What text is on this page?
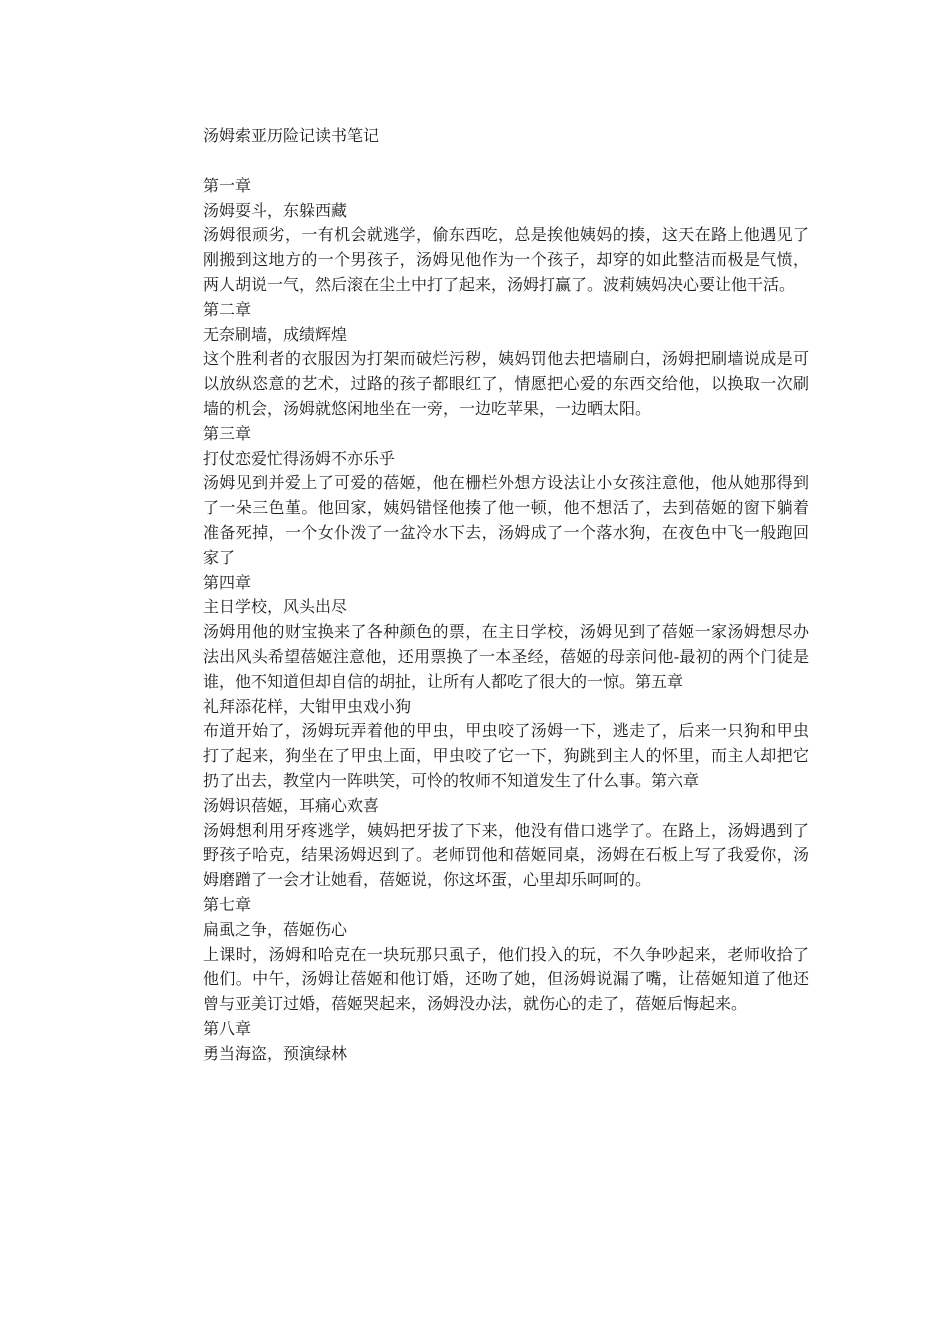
汤姆索亚历险记读书笔记

第一章

汤姆耍斗，东躲西藏

汤姆很顽劣，一有机会就逃学，偷东西吃，总是挨他姨妈的揍，这天在路上他遇见了刚搬到这地方的一个男孩子，汤姆见他作为一个孩子，却穿的如此整洁而极是气愤，两人胡说一气，然后滚在尘土中打了起来，汤姆打赢了。波莉姨妈决心要让他干活。

第二章

无奈刷墙，成绩辉煌

这个胜利者的衣服因为打架而破烂污秽，姨妈罚他去把墙刷白，汤姆把刷墙说成是可以放纵恣意的艺术，过路的孩子都眼红了，情愿把心爱的东西交给他，以换取一次刷墙的机会，汤姆就悠闲地坐在一旁，一边吃苹果，一边晒太阳。

第三章

打仗恋爱忙得汤姆不亦乐乎

汤姆见到并爱上了可爱的蓓姬，他在栅栏外想方设法让小女孩注意他，他从她那得到了一朵三色堇。他回家，姨妈错怪他揍了他一顿，他不想活了，去到蓓姬的窗下躺着准备死掉，一个女仆泼了一盆冷水下去，汤姆成了一个落水狗，在夜色中飞一般跑回家了

第四章

主日学校，风头出尽

汤姆用他的财宝换来了各种颜色的票，在主日学校，汤姆见到了蓓姬一家汤姆想尽办法出风头希望蓓姬注意他，还用票换了一本圣经，蓓姬的母亲问他-最初的两个门徒是谁，他不知道但却自信的胡扯，让所有人都吃了很大的一惊。第五章

礼拜添花样，大钳甲虫戏小狗

布道开始了，汤姆玩弄着他的甲虫，甲虫咬了汤姆一下，逃走了，后来一只狗和甲虫打了起来，狗坐在了甲虫上面，甲虫咬了它一下，狗跳到主人的怀里，而主人却把它扔了出去，教堂内一阵哄笑，可怜的牧师不知道发生了什么事。第六章

汤姆识蓓姬，耳痛心欢喜

汤姆想利用牙疼逃学，姨妈把牙拔了下来，他没有借口逃学了。在路上，汤姆遇到了野孩子哈克，结果汤姆迟到了。老师罚他和蓓姬同桌，汤姆在石板上写了我爱你，汤姆磨蹭了一会才让她看，蓓姬说，你这坏蛋，心里却乐呵呵的。

第七章

扁虱之争，蓓姬伤心

上课时，汤姆和哈克在一块玩那只虱子，他们投入的玩，不久争吵起来，老师收拾了他们。中午，汤姆让蓓姬和他订婚，还吻了她，但汤姆说漏了嘴，让蓓姬知道了他还曾与亚美订过婚，蓓姬哭起来，汤姆没办法，就伤心的走了，蓓姬后悔起来。

第八章

勇当海盗，预演绿林
